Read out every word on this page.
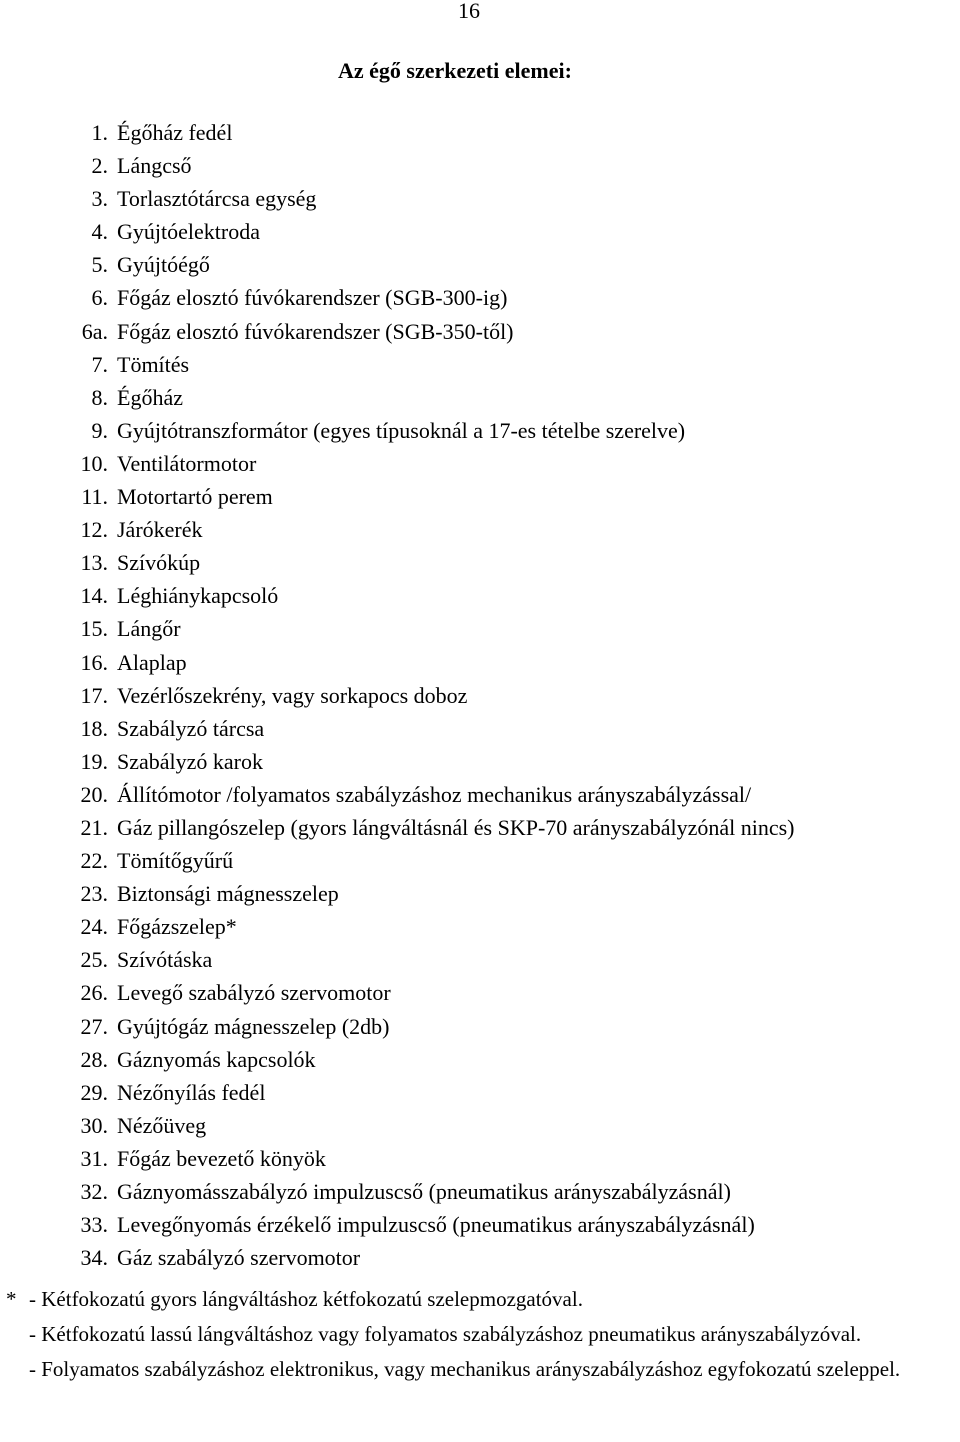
16
Az égő szerkezeti elemei:
1. Égőház fedél
2. Lángcső
3. Torlasztótárcsa egység
4. Gyújtóelektroda
5. Gyújtóégő
6. Főgáz elosztó fúvókarendszer (SGB-300-ig)
6a. Főgáz elosztó fúvókarendszer (SGB-350-től)
7. Tömítés
8. Égőház
9. Gyújtótranszformátor (egyes típusoknál a 17-es tételbe szerelve)
10. Ventilátormotor
11. Motortartó perem
12. Járókerék
13. Szívókúp
14. Léghiánykapcsoló
15. Lángőr
16. Alaplap
17. Vezérlőszekrény, vagy sorkapocs doboz
18. Szabályzó tárcsa
19. Szabályzó karok
20. Állítómotor /folyamatos szabályzáshoz mechanikus arányszabályzással/
21. Gáz pillangószelep (gyors lángváltásnál és SKP-70 arányszabályzónál nincs)
22. Tömítőgyűrű
23. Biztonsági mágnesszelep
24. Főgázszelep*
25. Szívótáska
26. Levegő szabályzó szervomotor
27. Gyújtógáz mágnesszelep (2db)
28. Gáznyomás kapcsolók
29. Nézőnyílás fedél
30. Nézőüveg
31. Főgáz bevezető könyök
32. Gáznyomásszabályzó impulzuscső (pneumatikus arányszabályzásnál)
33. Levegőnyomás érzékelő impulzuscső (pneumatikus arányszabályzásnál)
34. Gáz szabályzó szervomotor
* - Kétfokozatú gyors lángváltáshoz kétfokozatú szelepmozgatóval.
- Kétfokozatú lassú lángváltáshoz vagy folyamatos szabályzáshoz pneumatikus arányszabályzóval.
- Folyamatos szabályzáshoz elektronikus, vagy mechanikus arányszabályzáshoz egyfokozatú szeleppel.
